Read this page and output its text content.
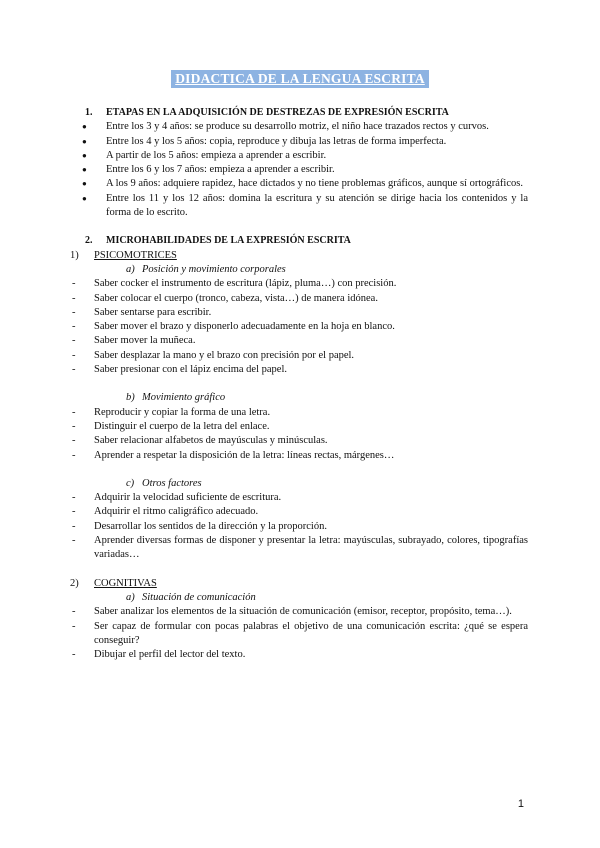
DIDACTICA DE LA LENGUA ESCRITA

1.	ETAPAS EN LA ADQUISICIÓN DE DESTREZAS DE EXPRESIÓN ESCRITA

● Entre los 3 y 4 años: se produce su desarrollo motriz, el niño hace trazados rectos y curvos.
● Entre los 4 y los 5 años: copia, reproduce y dibuja las letras de forma imperfecta.
● A partir de los 5 años: empieza a aprender a escribir.
● Entre los 6 y los 7 años: empieza a aprender a escribir.
● A los 9 años: adquiere rapidez, hace dictados y no tiene problemas gráficos, aunque sí ortográficos.
● Entre los 11 y los 12 años: domina la escritura y su atención se dirige hacia los contenidos y la forma de lo escrito.

2.	MICROHABILIDADES DE LA EXPRESIÓN ESCRITA

1) PSICOMOTRICES
a) Posición y movimiento corporales
- Saber cocker el instrumento de escritura (lápiz, pluma…) con precisión.
- Saber colocar el cuerpo (tronco, cabeza, vista…) de manera idónea.
- Saber sentarse para escribir.
- Saber mover el brazo y disponerlo adecuadamente en la hoja en blanco.
- Saber mover la muñeca.
- Saber desplazar la mano y el brazo con precisión por el papel.
- Saber presionar con el lápiz encima del papel.
b) Movimiento gráfico
- Reproducir y copiar la forma de una letra.
- Distinguir el cuerpo de la letra del enlace.
- Saber relacionar alfabetos de mayúsculas y minúsculas.
- Aprender a respetar la disposición de la letra: líneas rectas, márgenes…
c) Otros factores
- Adquirir la velocidad suficiente de escritura.
- Adquirir el ritmo caligráfico adecuado.
- Desarrollar los sentidos de la dirección y la proporción.
- Aprender diversas formas de disponer y presentar la letra: mayúsculas, subrayado, colores, tipografías variadas…
2) COGNITIVAS
a) Situación de comunicación
- Saber analizar los elementos de la situación de comunicación (emisor, receptor, propósito, tema…).
- Ser capaz de formular con pocas palabras el objetivo de una comunicación escrita: ¿qué se espera conseguir?
- Dibujar el perfil del lector del texto.
1
